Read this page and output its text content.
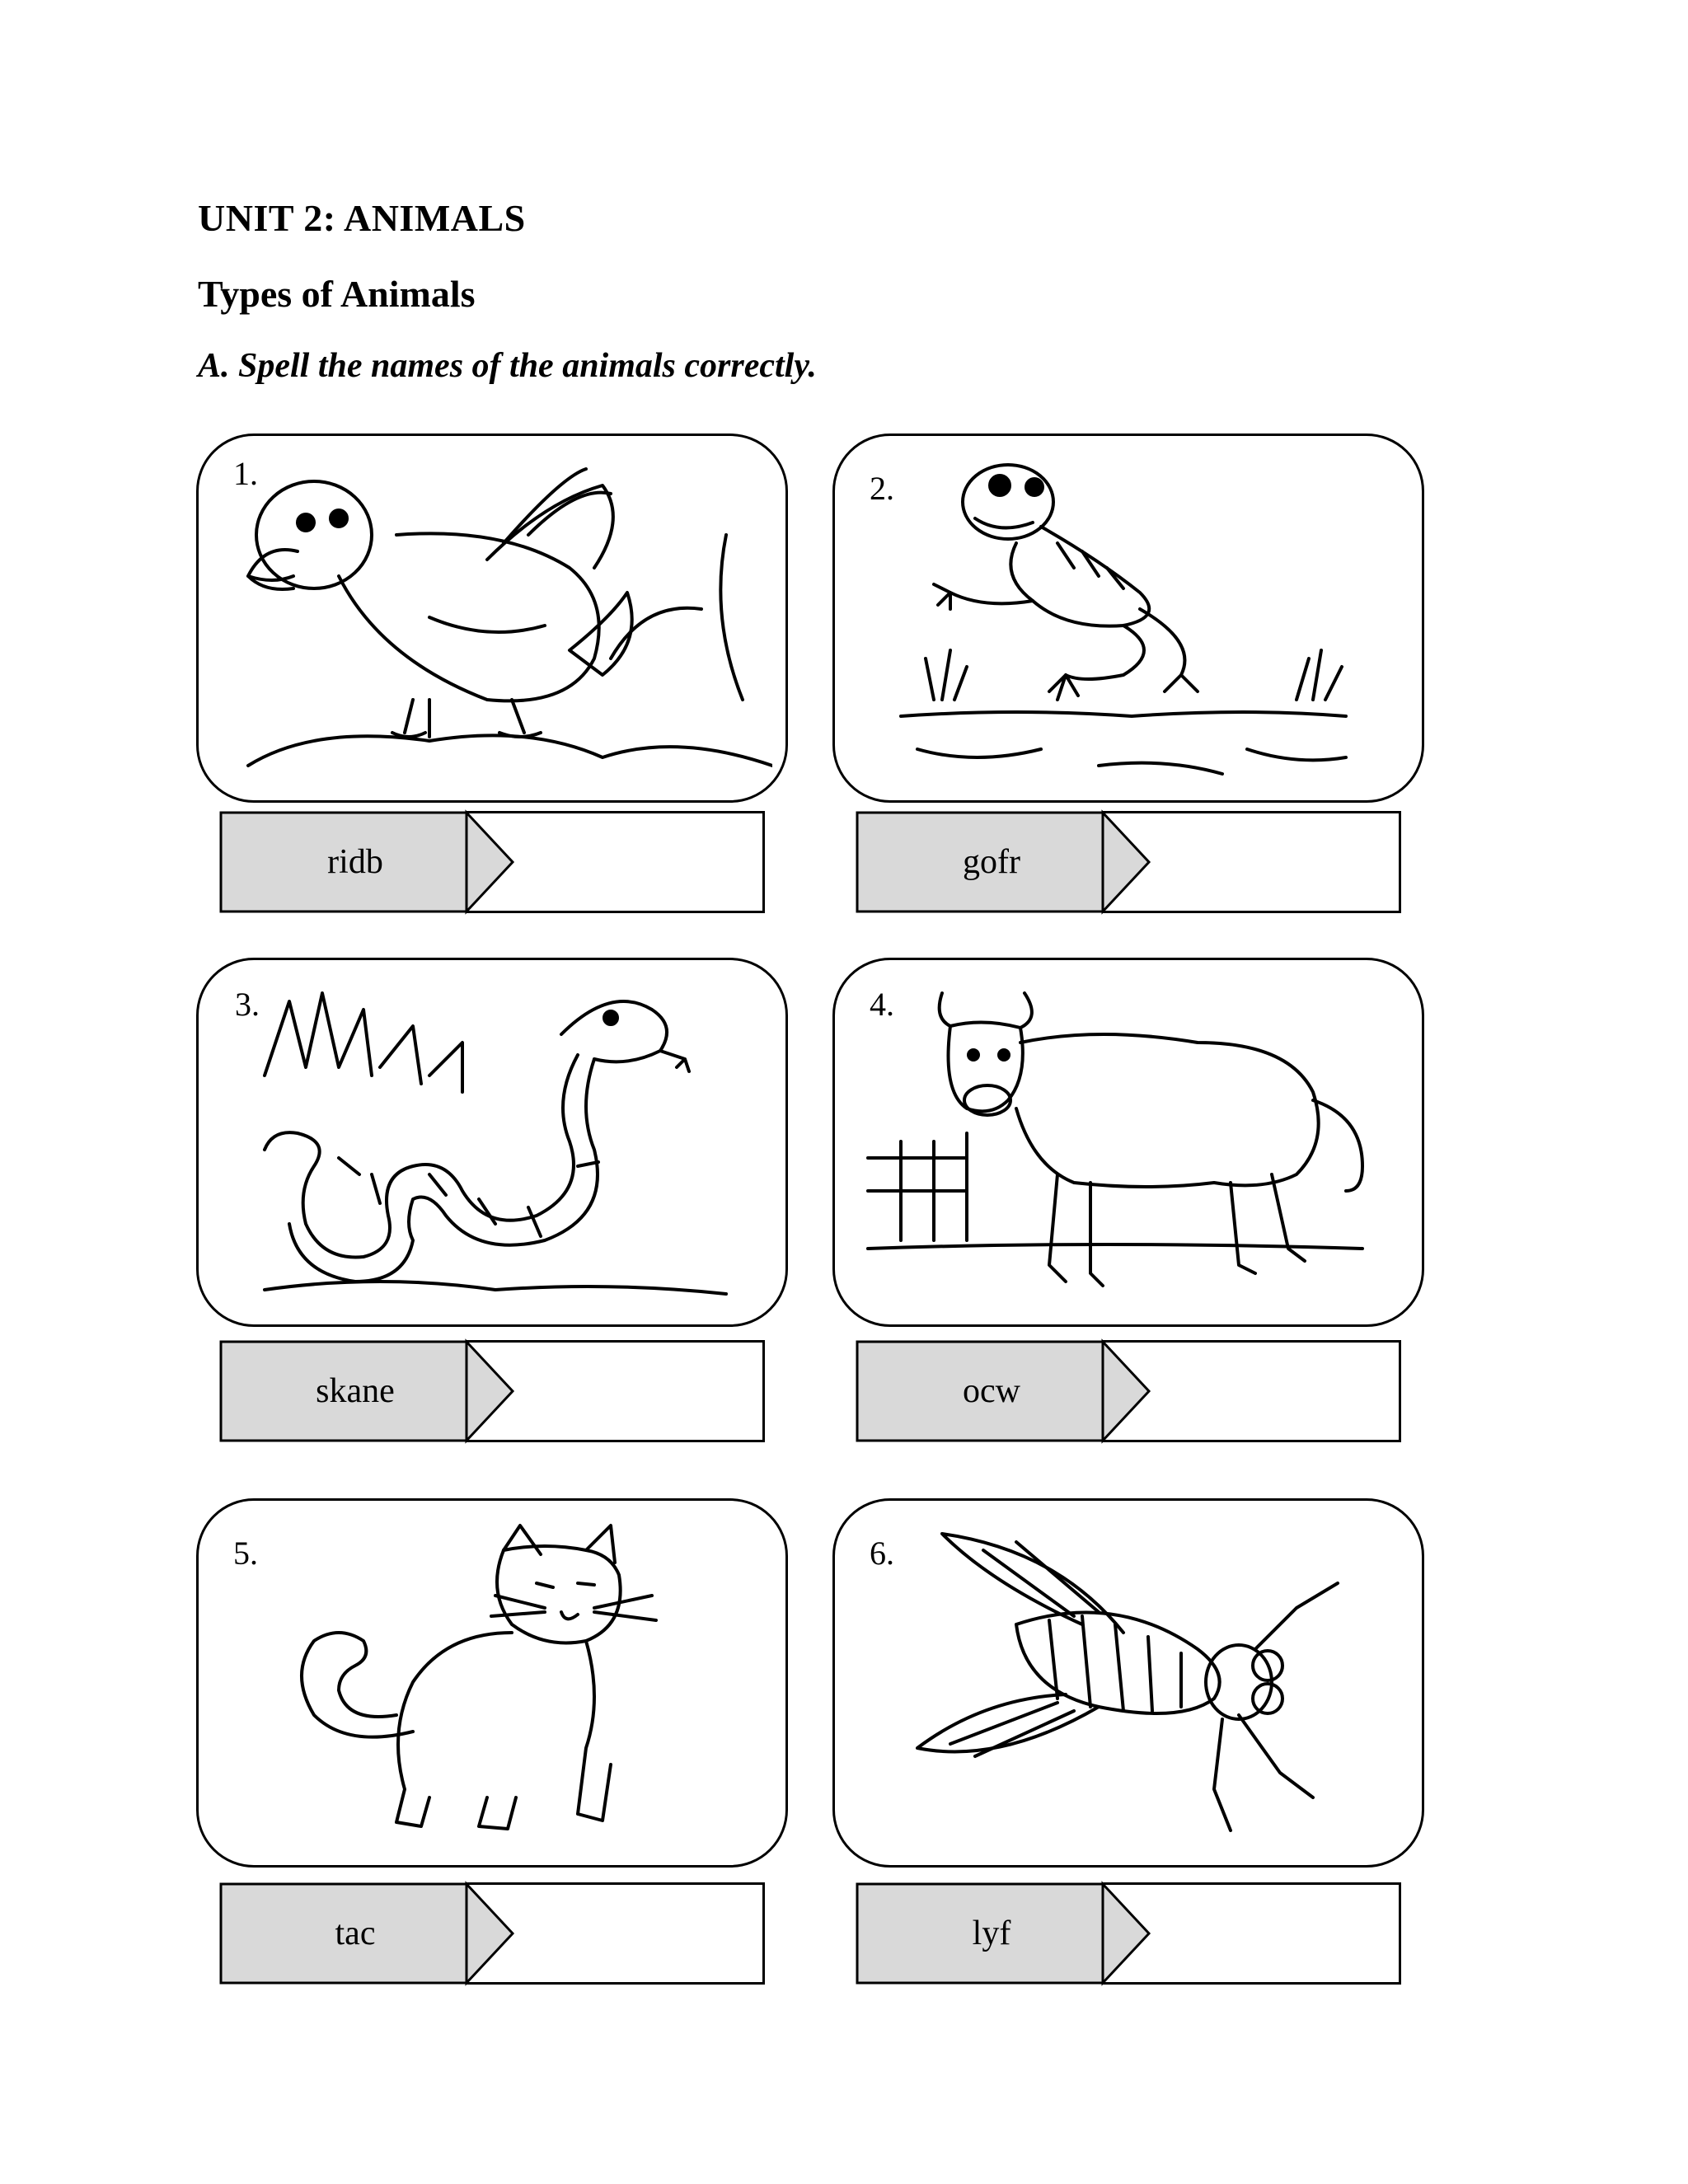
UNIT 2: ANIMALS
Types of Animals

A. Spell the names of the animals correctly.

1.
ridb
2.
gofr
3.
skane
4.
ocw
5.
tac
6.
lyf
